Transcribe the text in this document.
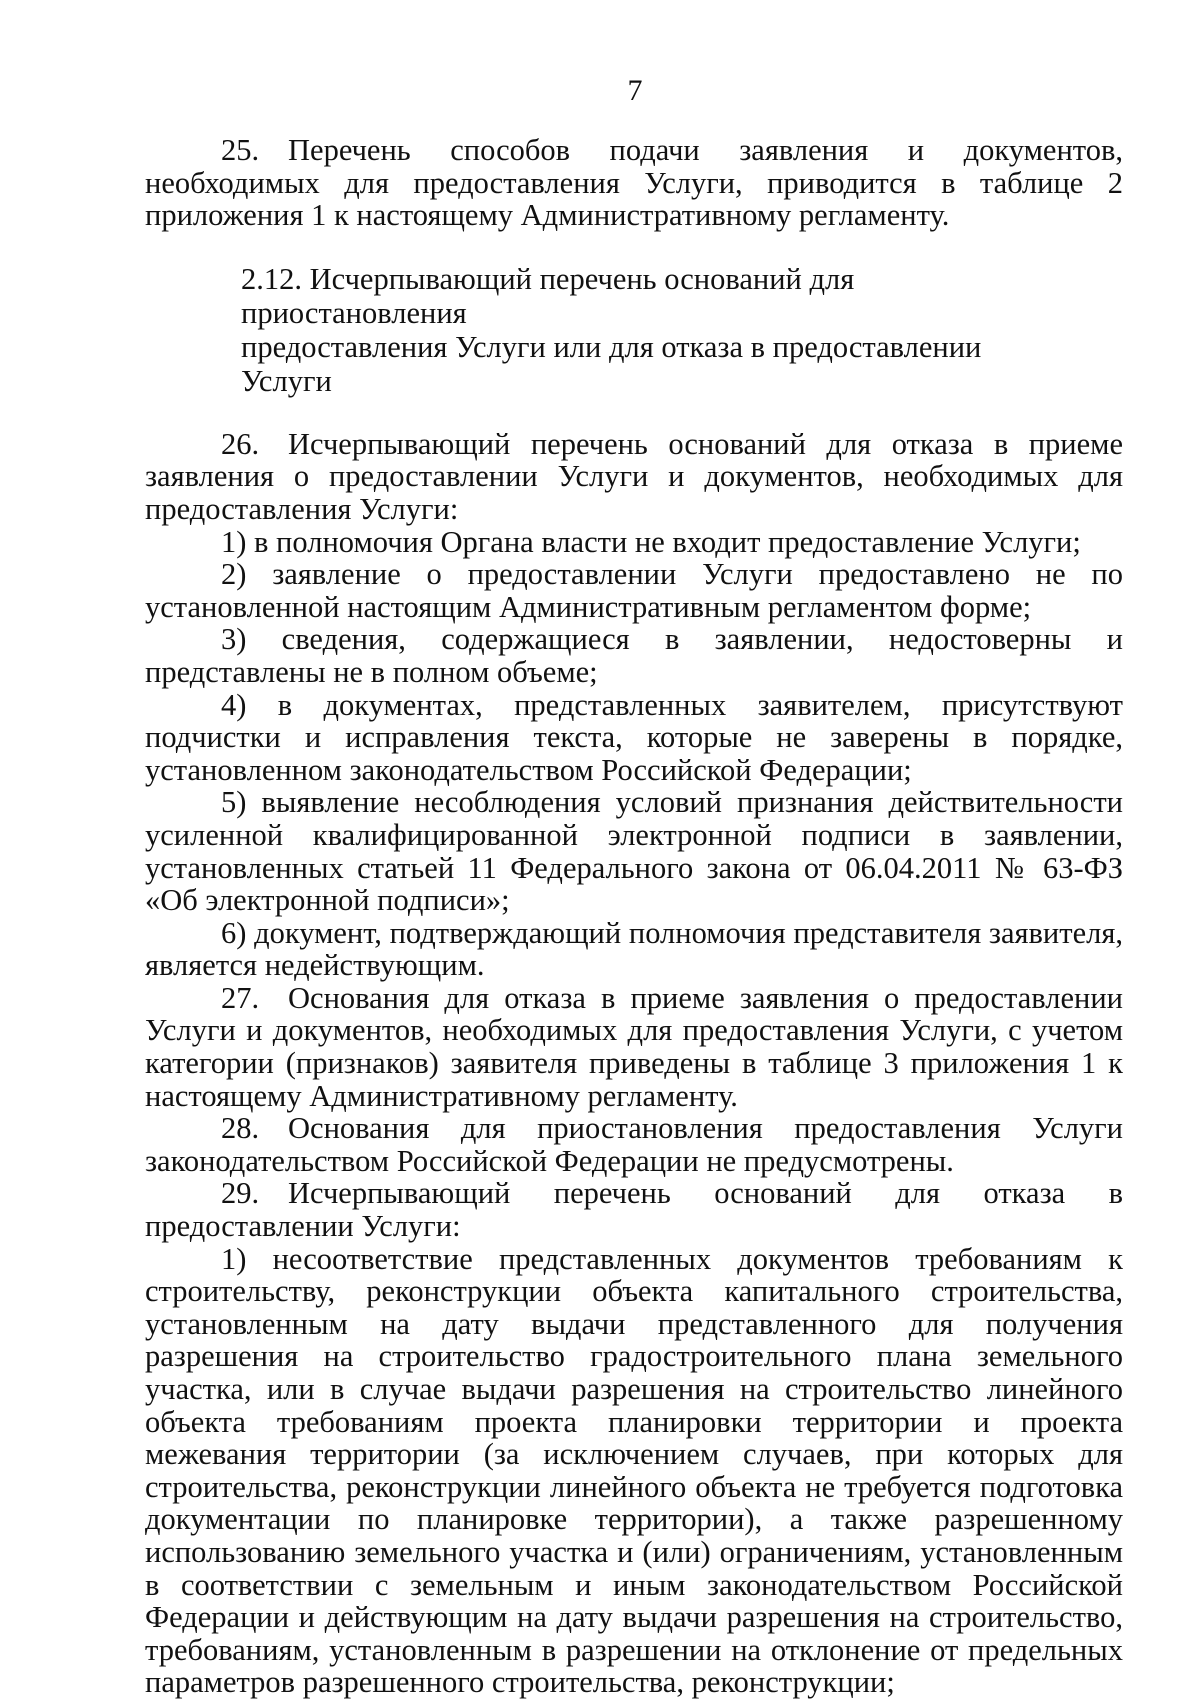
7

25. Перечень способов подачи заявления и документов, необходимых для предоставления Услуги, приводится в таблице 2 приложения 1 к настоящему Административному регламенту.

2.12. Исчерпывающий перечень оснований для приостановления
предоставления Услуги или для отказа в предоставлении Услуги

26. Исчерпывающий перечень оснований для отказа в приеме заявления о предоставлении Услуги и документов, необходимых для предоставления Услуги:

1) в полномочия Органа власти не входит предоставление Услуги;

2) заявление о предоставлении Услуги предоставлено не по установленной настоящим Административным регламентом форме;

3) сведения, содержащиеся в заявлении, недостоверны и представлены не в полном объеме;

4) в документах, представленных заявителем, присутствуют подчистки и исправления текста, которые не заверены в порядке, установленном законодательством Российской Федерации;

5) выявление несоблюдения условий признания действительности усиленной квалифицированной электронной подписи в заявлении, установленных статьей 11 Федерального закона от 06.04.2011 № 63-ФЗ «Об электронной подписи»;

6) документ, подтверждающий полномочия представителя заявителя, является недействующим.

27. Основания для отказа в приеме заявления о предоставлении Услуги и документов, необходимых для предоставления Услуги, с учетом категории (признаков) заявителя приведены в таблице 3 приложения 1 к настоящему Административному регламенту.

28. Основания для приостановления предоставления Услуги законодательством Российской Федерации не предусмотрены.

29. Исчерпывающий перечень оснований для отказа в предоставлении Услуги:

1) несоответствие представленных документов требованиям к строительству, реконструкции объекта капитального строительства, установленным на дату выдачи представленного для получения разрешения на строительство градостроительного плана земельного участка, или в случае выдачи разрешения на строительство линейного объекта требованиям проекта планировки территории и проекта межевания территории (за исключением случаев, при которых для строительства, реконструкции линейного объекта не требуется подготовка документации по планировке территории), а также разрешенному использованию земельного участка и (или) ограничениям, установленным в соответствии с земельным и иным законодательством Российской Федерации и действующим на дату выдачи разрешения на строительство, требованиям, установленным в разрешении на отклонение от предельных параметров разрешенного строительства, реконструкции;
